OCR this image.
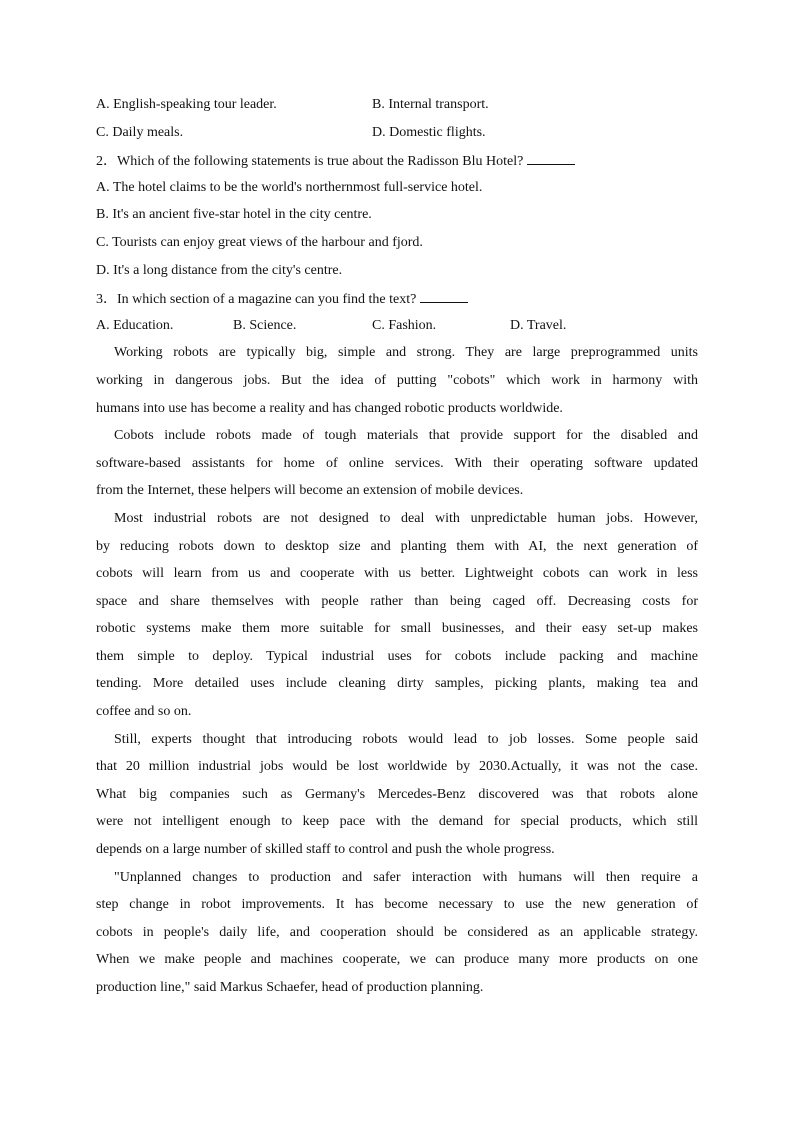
A. English-speaking tour leader.	B. Internal transport.
C. Daily meals.	D. Domestic flights.
2．Which of the following statements is true about the Radisson Blu Hotel?
A. The hotel claims to be the world's northernmost full-service hotel.
B. It's an ancient five-star hotel in the city centre.
C. Tourists can enjoy great views of the harbour and fjord.
D. It's a long distance from the city's centre.
3．In which section of a magazine can you find the text?
A. Education.	B. Science.	C. Fashion.	D. Travel.
Working robots are typically big, simple and strong. They are large preprogrammed units
working in dangerous jobs. But the idea of putting "cobots" which work in harmony with
humans into use has become a reality and has changed robotic products worldwide.
Cobots include robots made of tough materials that provide support for the disabled and
software-based assistants for home of online services. With their operating software updated
from the Internet, these helpers will become an extension of mobile devices.
Most industrial robots are not designed to deal with unpredictable human jobs. However,
by reducing robots down to desktop size and planting them with AI, the next generation of
cobots will learn from us and cooperate with us better. Lightweight cobots can work in less
space and share themselves with people rather than being caged off. Decreasing costs for
robotic systems make them more suitable for small businesses, and their easy set-up makes
them simple to deploy. Typical industrial uses for cobots include packing and machine
tending. More detailed uses include cleaning dirty samples, picking plants, making tea and
coffee and so on.
Still, experts thought that introducing robots would lead to job losses. Some people said
that 20 million industrial jobs would be lost worldwide by 2030.Actually, it was not the case.
What big companies such as Germany's Mercedes-Benz discovered was that robots alone
were not intelligent enough to keep pace with the demand for special products, which still
depends on a large number of skilled staff to control and push the whole progress.
"Unplanned changes to production and safer interaction with humans will then require a
step change in robot improvements. It has become necessary to use the new generation of
cobots in people's daily life, and cooperation should be considered as an applicable strategy.
When we make people and machines cooperate, we can produce many more products on one
production line," said Markus Schaefer, head of production planning.
